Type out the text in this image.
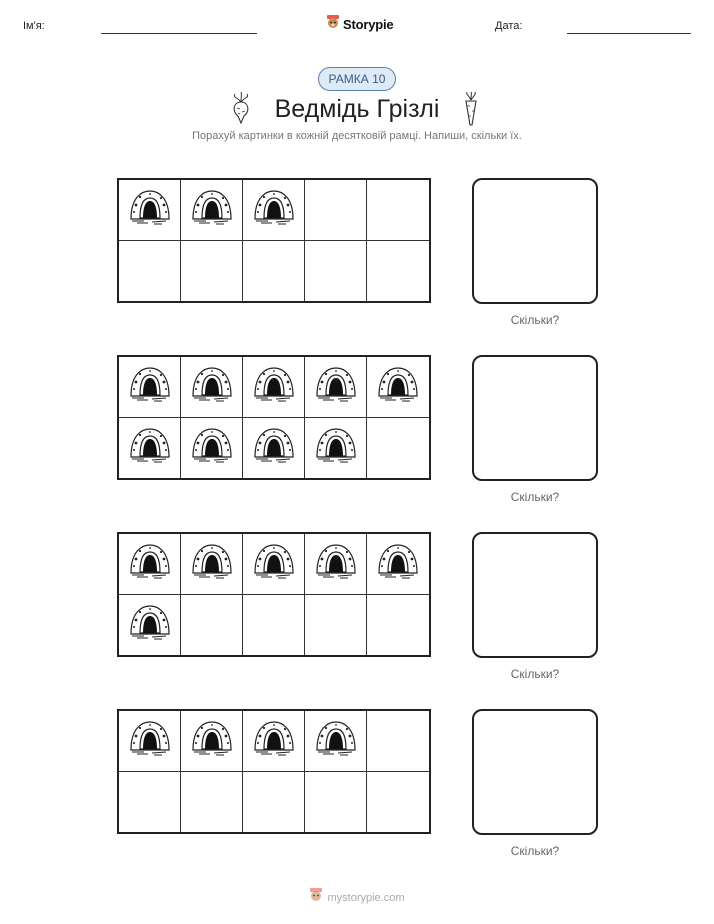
Ім'я:	Storypie	Дата:
РАМКА 10
Ведмідь Грізлі
Порахуй картинки в кожній десятковій рамці. Напиши, скільки їх.
Скільки?
Скільки?
Скільки?
Скільки?
mystorypie.com
